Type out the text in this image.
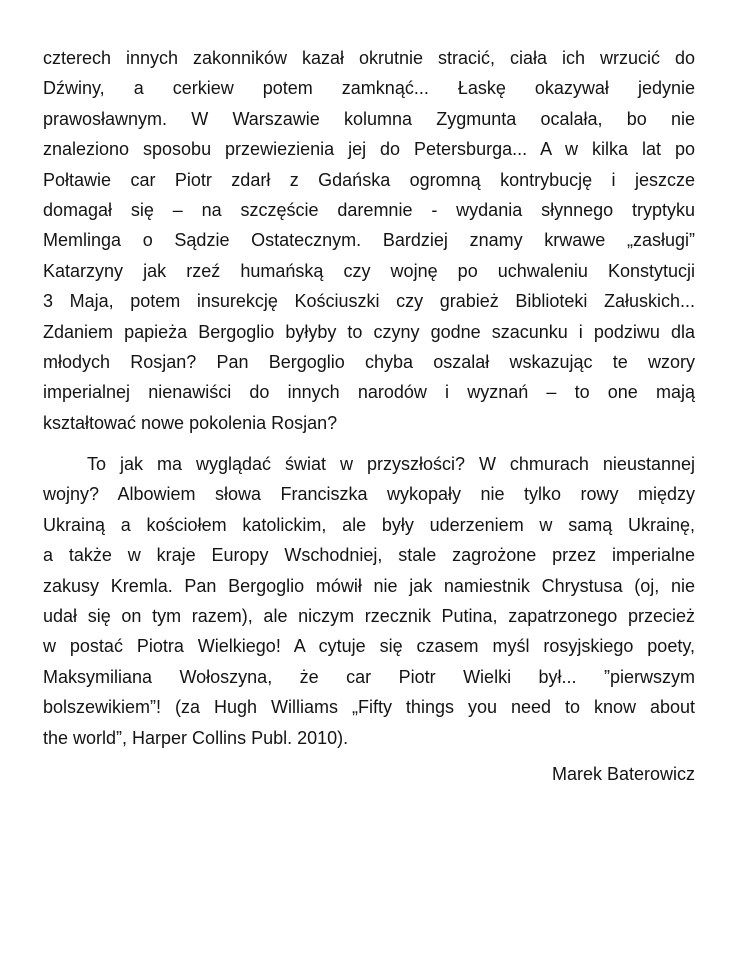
czterech innych zakonników kazał okrutnie stracić, ciała ich wrzucić do
Dźwiny, a cerkiew potem zamknąć... Łaskę okazywał jedynie
prawosławnym. W Warszawie kolumna Zygmunta ocalała, bo nie
znaleziono sposobu przewiezienia jej do Petersburga... A w kilka lat po
Połtawie car Piotr zdarł z Gdańska ogromną kontrybucję i jeszcze
domagał się – na szczęście daremnie - wydania słynnego tryptyku
Memlinga o Sądzie Ostatecznym. Bardziej znamy krwawe „zasługi”
Katarzyny jak rzeź humańską czy wojnę po uchwaleniu Konstytucji
3 Maja, potem insurekcję Kościuszki czy grabież Biblioteki Załuskich...
Zdaniem papieża Bergoglio byłyby to czyny godne szacunku i podziwu dla
młodych Rosjan? Pan Bergoglio chyba oszalał wskazując te wzory
imperialnej nienawiści do innych narodów i wyznań – to one mają
kształtować nowe pokolenia Rosjan?
To jak ma wyglądać świat w przyszłości? W chmurach nieustannej
wojny? Albowiem słowa Franciszka wykopały nie tylko rowy między
Ukrainą a kościołem katolickim, ale były uderzeniem w samą Ukrainę,
a także w kraje Europy Wschodniej, stale zagrożone przez imperialne
zakusy Kremla. Pan Bergoglio mówił nie jak namiestnik Chrystusa (oj, nie
udał się on tym razem), ale niczym rzecznik Putina, zapatrzonego przecież
w postać Piotra Wielkiego! A cytuje się czasem myśl rosyjskiego poety,
Maksymiliana Wołoszyna, że car Piotr Wielki był... ”pierwszym
bolszewikiem”! (za Hugh Williams „Fifty things you need to know about
the world”, Harper Collins Publ. 2010).
Marek Baterowicz
